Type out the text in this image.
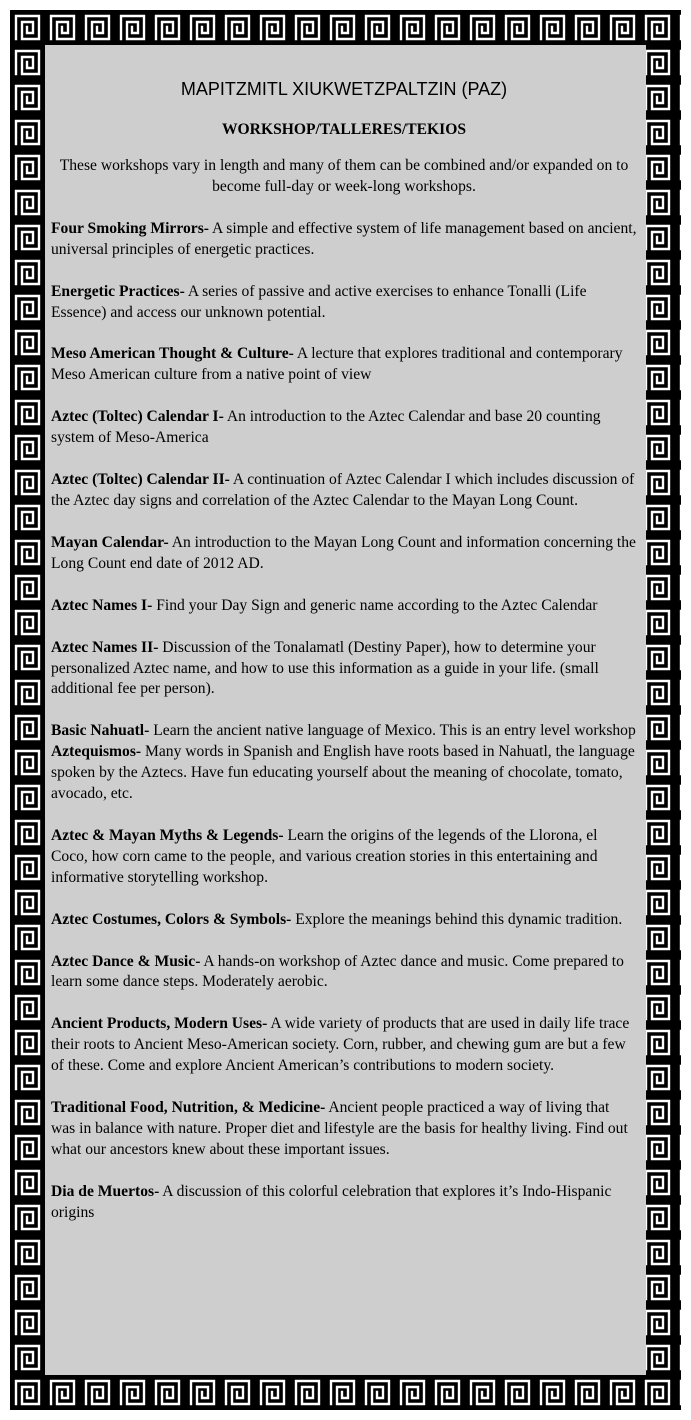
MAPITZMITL XIUKWETZPALTZIN (PAZ)
WORKSHOP/TALLERES/TEKIOS
These workshops vary in length and many of them can be combined and/or expanded on to become full-day or week-long workshops.
Four Smoking Mirrors- A simple and effective system of life management based on ancient, universal principles of energetic practices.
Energetic Practices- A series of passive and active exercises to enhance Tonalli (Life Essence) and access our unknown potential.
Meso American Thought & Culture- A lecture that explores traditional and contemporary Meso American culture from a native point of view
Aztec (Toltec) Calendar I- An introduction to the Aztec Calendar and base 20 counting system of Meso-America
Aztec (Toltec) Calendar II- A continuation of Aztec Calendar I which includes discussion of the Aztec day signs and correlation of the Aztec Calendar to the Mayan Long Count.
Mayan Calendar- An introduction to the Mayan Long Count and information concerning the Long Count end date of 2012 AD.
Aztec Names I- Find your Day Sign and generic name according to the Aztec Calendar
Aztec Names II- Discussion of the Tonalamatl (Destiny Paper), how to determine your personalized Aztec name, and how to use this information as a guide in your life. (small additional fee per person).
Basic Nahuatl- Learn the ancient native language of Mexico. This is an entry level workshop
Aztequismos- Many words in Spanish and English have roots based in Nahuatl, the language spoken by the Aztecs. Have fun educating yourself about the meaning of chocolate, tomato, avocado, etc.
Aztec & Mayan Myths & Legends- Learn the origins of the legends of the Llorona, el Coco, how corn came to the people, and various creation stories in this entertaining and informative storytelling workshop.
Aztec Costumes, Colors & Symbols- Explore the meanings behind this dynamic tradition.
Aztec Dance & Music- A hands-on workshop of Aztec dance and music. Come prepared to learn some dance steps. Moderately aerobic.
Ancient Products, Modern Uses- A wide variety of products that are used in daily life trace their roots to Ancient Meso-American society. Corn, rubber, and chewing gum are but a few of these. Come and explore Ancient American’s contributions to modern society.
Traditional Food, Nutrition, & Medicine- Ancient people practiced a way of living that was in balance with nature. Proper diet and lifestyle are the basis for healthy living. Find out what our ancestors knew about these important issues.
Dia de Muertos- A discussion of this colorful celebration that explores it’s Indo-Hispanic origins
